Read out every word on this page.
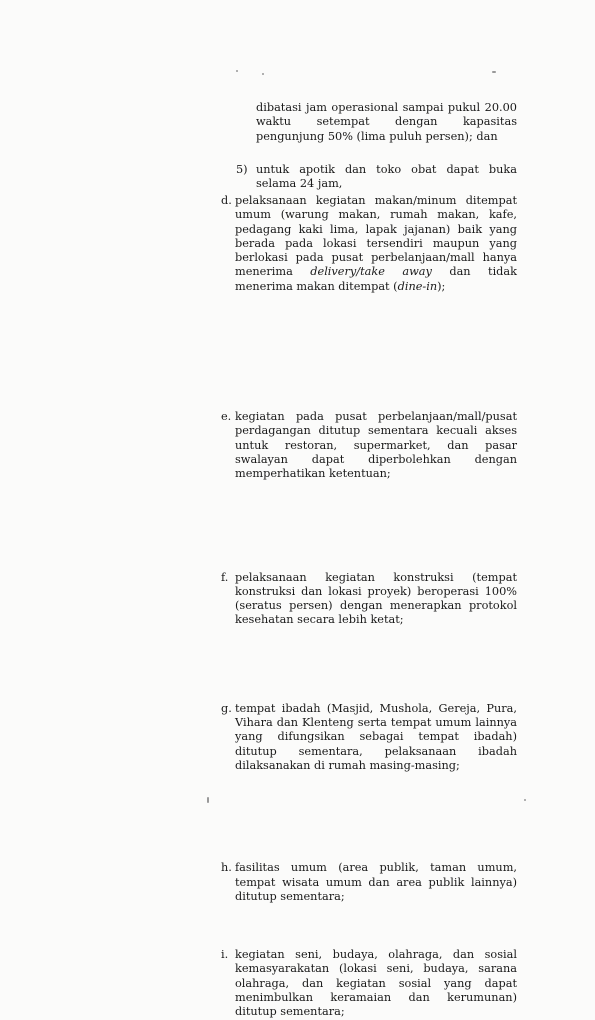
dibatasi jam operasional sampai pukul 20.00 waktu setempat dengan kapasitas pengunjung 50% (lima puluh persen); dan
5) untuk apotik dan toko obat dapat buka selama 24 jam,
d. pelaksanaan kegiatan makan/minum ditempat umum (warung makan, rumah makan, kafe, pedagang kaki lima, lapak jajanan) baik yang berada pada lokasi tersendiri maupun yang berlokasi pada pusat perbelanjaan/mall hanya menerima delivery/take away dan tidak menerima makan ditempat (dine-in);
e. kegiatan pada pusat perbelanjaan/mall/pusat perdagangan ditutup sementara kecuali akses untuk restoran, supermarket, dan pasar swalayan dapat diperbolehkan dengan memperhatikan ketentuan;
f. pelaksanaan kegiatan konstruksi (tempat konstruksi dan lokasi proyek) beroperasi 100% (seratus persen) dengan menerapkan protokol kesehatan secara lebih ketat;
g. tempat ibadah (Masjid, Mushola, Gereja, Pura, Vihara dan Klenteng serta tempat umum lainnya yang difungsikan sebagai tempat ibadah) ditutup sementara, pelaksanaan ibadah dilaksanakan di rumah masing-masing;
h. fasilitas umum (area publik, taman umum, tempat wisata umum dan area publik lainnya) ditutup sementara;
i. kegiatan seni, budaya, olahraga, dan sosial kemasyarakatan (lokasi seni, budaya, sarana olahraga, dan kegiatan sosial yang dapat menimbulkan keramaian dan kerumunan) ditutup sementara;
